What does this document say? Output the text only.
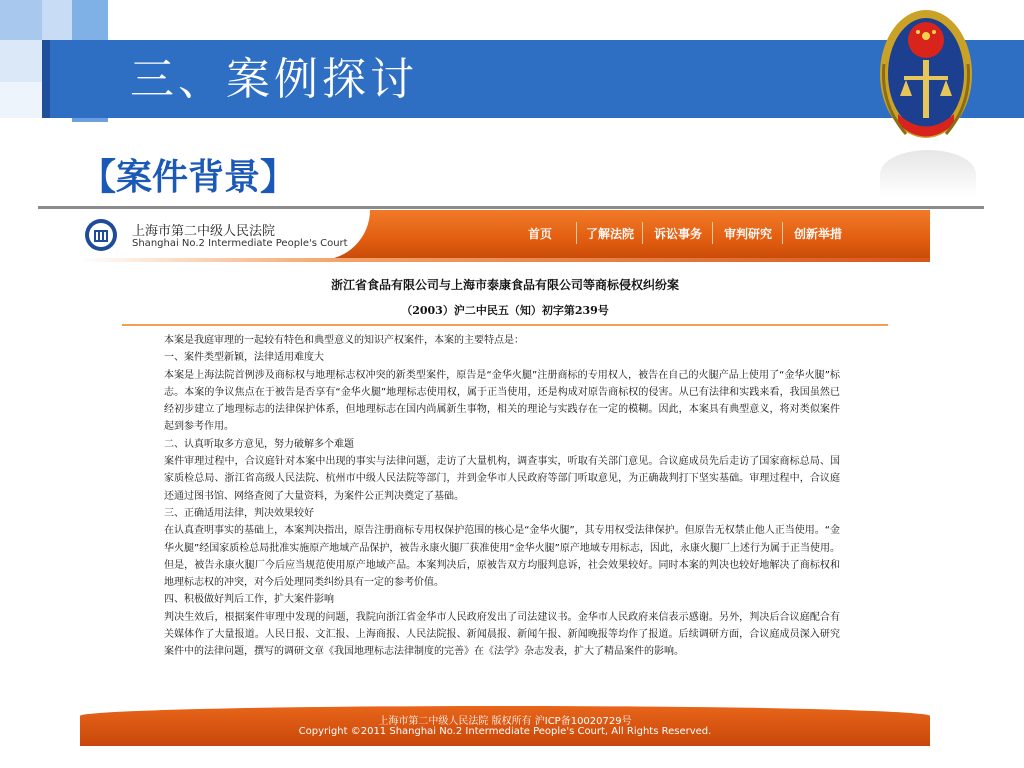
三、案例探讨
【案件背景】
上海市第二中级人民法院
Shanghai No.2 Intermediate People's Court
首页	了解法院	诉讼事务	审判研究	创新举措
浙江省食品有限公司与上海市泰康食品有限公司等商标侵权纠纷案
（2003）沪二中民五（知）初字第239号

本案是我庭审理的一起较有特色和典型意义的知识产权案件，本案的主要特点是：

一、案件类型新颖，法律适用难度大

本案是上海法院首例涉及商标权与地理标志权冲突的新类型案件，原告是“金华火腿”注册商标的专用权人，被告在自己的火腿产品上使用了“金华火腿”标志。本案的争议焦点在于被告是否享有“金华火腿”地理标志使用权，属于正当使用，还是构成对原告商标权的侵害。从已有法律和实践来看，我国虽然已经初步建立了地理标志的法律保护体系，但地理标志在国内尚属新生事物，相关的理论与实践存在一定的模糊。因此，本案具有典型意义，将对类似案件起到参考作用。

二、认真听取多方意见，努力破解多个难题

案件审理过程中，合议庭针对本案中出现的事实与法律问题，走访了大量机构，调查事实，听取有关部门意见。合议庭成员先后走访了国家商标总局、国家质检总局、浙江省高级人民法院、杭州市中级人民法院等部门，并到金华市人民政府等部门听取意见，为正确裁判打下坚实基础。审理过程中，合议庭还通过图书馆、网络查阅了大量资料，为案件公正判决奠定了基础。

三、正确适用法律，判决效果较好

在认真查明事实的基础上，本案判决指出，原告注册商标专用权保护范围的核心是“金华火腿”，其专用权受法律保护。但原告无权禁止他人正当使用。“金华火腿”经国家质检总局批准实施原产地域产品保护，被告永康火腿厂获准使用“金华火腿”原产地域专用标志，因此，永康火腿厂上述行为属于正当使用。但是，被告永康火腿厂今后应当规范使用原产地域产品。本案判决后，原被告双方均服判息诉，社会效果较好。同时本案的判决也较好地解决了商标权和地理标志权的冲突，对今后处理同类纠纷具有一定的参考价值。

四、积极做好判后工作，扩大案件影响

判决生效后，根据案件审理中发现的问题，我院向浙江省金华市人民政府发出了司法建议书。金华市人民政府来信表示感谢。另外，判决后合议庭配合有关媒体作了大量报道。人民日报、文汇报、上海商报、人民法院报、新闻晨报、新闻午报、新闻晚报等均作了报道。后续调研方面，合议庭成员深入研究案件中的法律问题，撰写的调研文章《我国地理标志法律制度的完善》在《法学》杂志发表，扩大了精品案件的影响。

上海市第二中级人民法院 版权所有 沪ICP备10020729号
Copyright ©2011 Shanghai No.2 Intermediate People's Court, All Rights Reserved.
